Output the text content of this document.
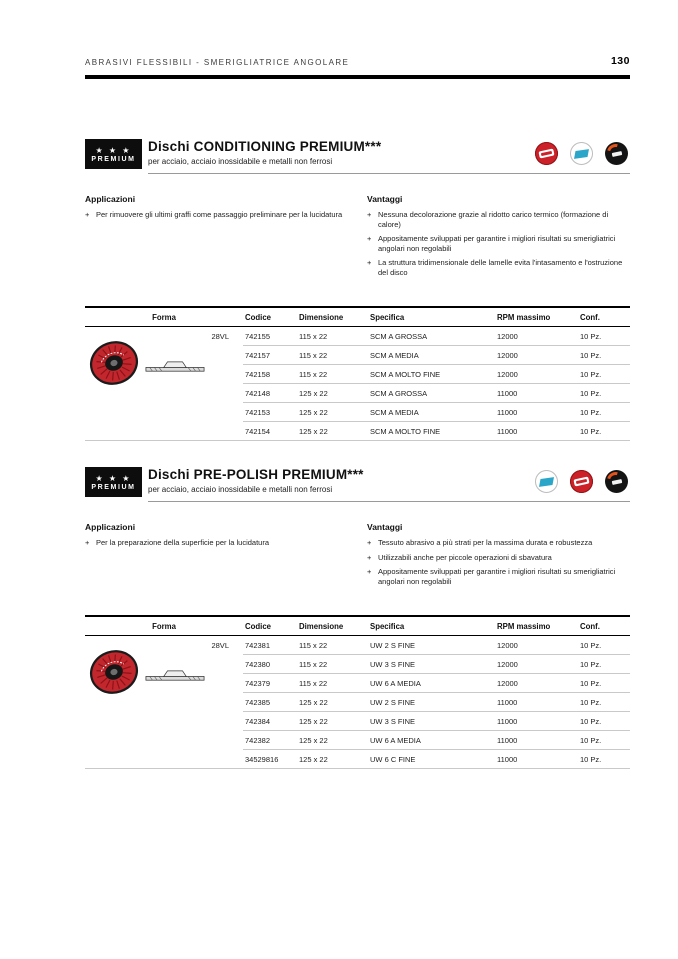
ABRASIVI FLESSIBILI - SMERIGLIATRICE ANGOLARE	130
★ ★ ★
PREMIUM
Dischi CONDITIONING PREMIUM***

per acciaio, acciaio inossidabile e metalli non ferrosi

Applicazioni
+ Per rimuovere gli ultimi graffi come passaggio preliminare per la lucidatura
Vantaggi
+ Nessuna decolorazione grazie al ridotto carico termico (formazione di calore)
+ Appositamente sviluppati per garantire i migliori risultati su smerigliatrici angolari non regolabili
+ La struttura tridimensionale delle lamelle evita l'intasamento e l'ostruzione del disco
Forma	Codice	Dimensione	Specifica	RPM massimo	Conf.

28VL	742155	115 x 22	SCM A GROSSA	12000	10 Pz.
	742157	115 x 22	SCM A MEDIA	12000	10 Pz.
	742158	115 x 22	SCM A MOLTO FINE	12000	10 Pz.
	742148	125 x 22	SCM A GROSSA	11000	10 Pz.
	742153	125 x 22	SCM A MEDIA	11000	10 Pz.
	742154	125 x 22	SCM A MOLTO FINE	11000	10 Pz.
★ ★ ★
PREMIUM
Dischi PRE-POLISH PREMIUM***

per acciaio, acciaio inossidabile e metalli non ferrosi

Applicazioni
+ Per la preparazione della superficie per la lucidatura
Vantaggi
+ Tessuto abrasivo a più strati per la massima durata e robustezza
+ Utilizzabili anche per piccole operazioni di sbavatura
+ Appositamente sviluppati per garantire i migliori risultati su smerigliatrici angolari non regolabili
Forma	Codice	Dimensione	Specifica	RPM massimo	Conf.

28VL	742381	115 x 22	UW 2 S FINE	12000	10 Pz.
	742380	115 x 22	UW 3 S FINE	12000	10 Pz.
	742379	115 x 22	UW 6 A MEDIA	12000	10 Pz.
	742385	125 x 22	UW 2 S FINE	11000	10 Pz.
	742384	125 x 22	UW 3 S FINE	11000	10 Pz.
	742382	125 x 22	UW 6 A MEDIA	11000	10 Pz.
	34529816	125 x 22	UW 6 C FINE	11000	10 Pz.
